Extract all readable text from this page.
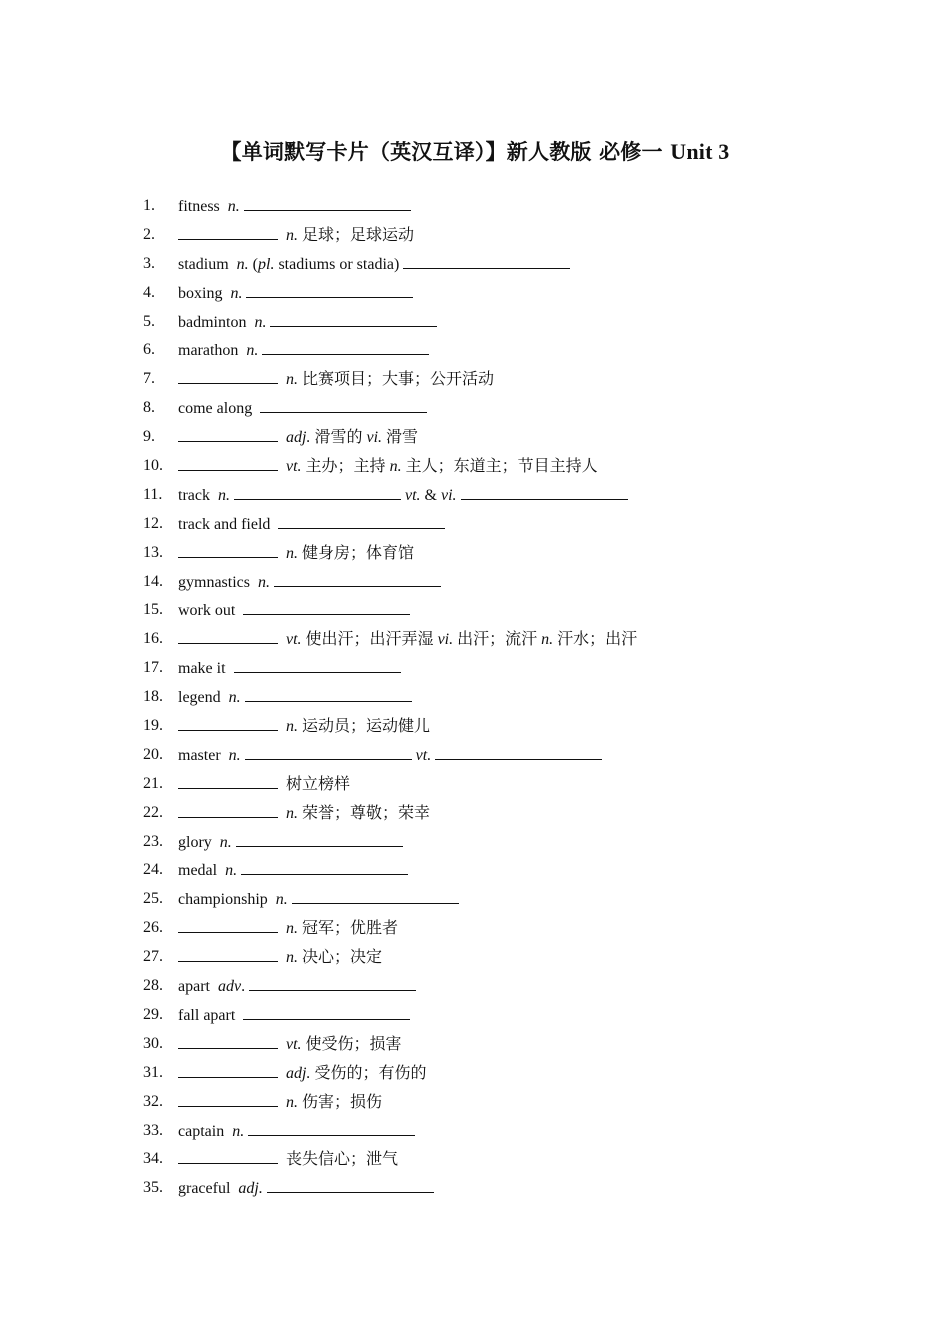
【单词默写卡片（英汉互译）】新人教版 必修一 Unit 3
1.	fitness n.
2.	n. 足球；足球运动
3.	stadium n. (pl. stadiums or stadia)
4.	boxing n.
5.	badminton n.
6.	marathon n.
7.	n. 比赛项目；大事；公开活动
8.	come along
9.	adj. 滑雪的 vi. 滑雪
10.	vt. 主办；主持 n. 主人；东道主；节目主持人
11. track n.	vt. & vi.
12. track and field
13.	n. 健身房；体育馆
14. gymnastics n.
15. work out
16.	vt. 使出汗；出汗弄湿 vi. 出汗；流汗 n. 汗水；出汗
17. make it
18. legend n.
19.	n. 运动员；运动健儿
20. master n.	vt.
21.	树立榜样
22.	n. 荣誉；尊敬；荣幸
23. glory n.
24. medal n.
25. championship n.
26.	n. 冠军；优胜者
27.	n. 决心；决定
28. apart adv.
29. fall apart
30.	vt. 使受伤；损害
31.	adj. 受伤的；有伤的
32.	n. 伤害；损伤
33. captain n.
34.	丧失信心；泄气
35. graceful adj.
